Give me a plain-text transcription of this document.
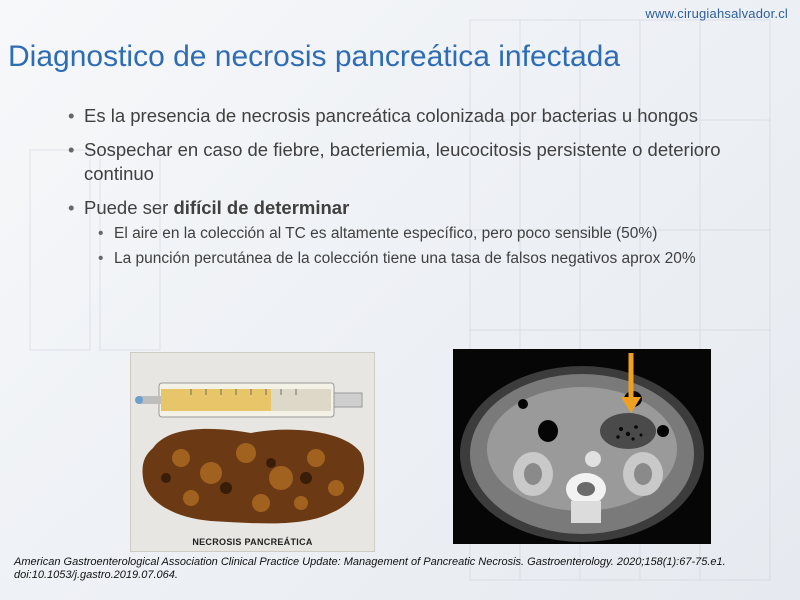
www.cirugiahsalvador.cl
Diagnostico de necrosis pancreática infectada
• Es la presencia de necrosis pancreática colonizada por bacterias u hongos
• Sospechar en caso de fiebre, bacteriemia, leucocitosis persistente o deterioro continuo
• Puede ser difícil de determinar
• El aire en la colección al TC es altamente específico, pero poco sensible (50%)
• La punción percutánea de la colección tiene una tasa de falsos negativos aprox 20%
NECROSIS PANCREÁTICA
American Gastroenterological Association Clinical Practice Update: Management of Pancreatic Necrosis. Gastroenterology. 2020;158(1):67-75.e1. doi:10.1053/j.gastro.2019.07.064.
